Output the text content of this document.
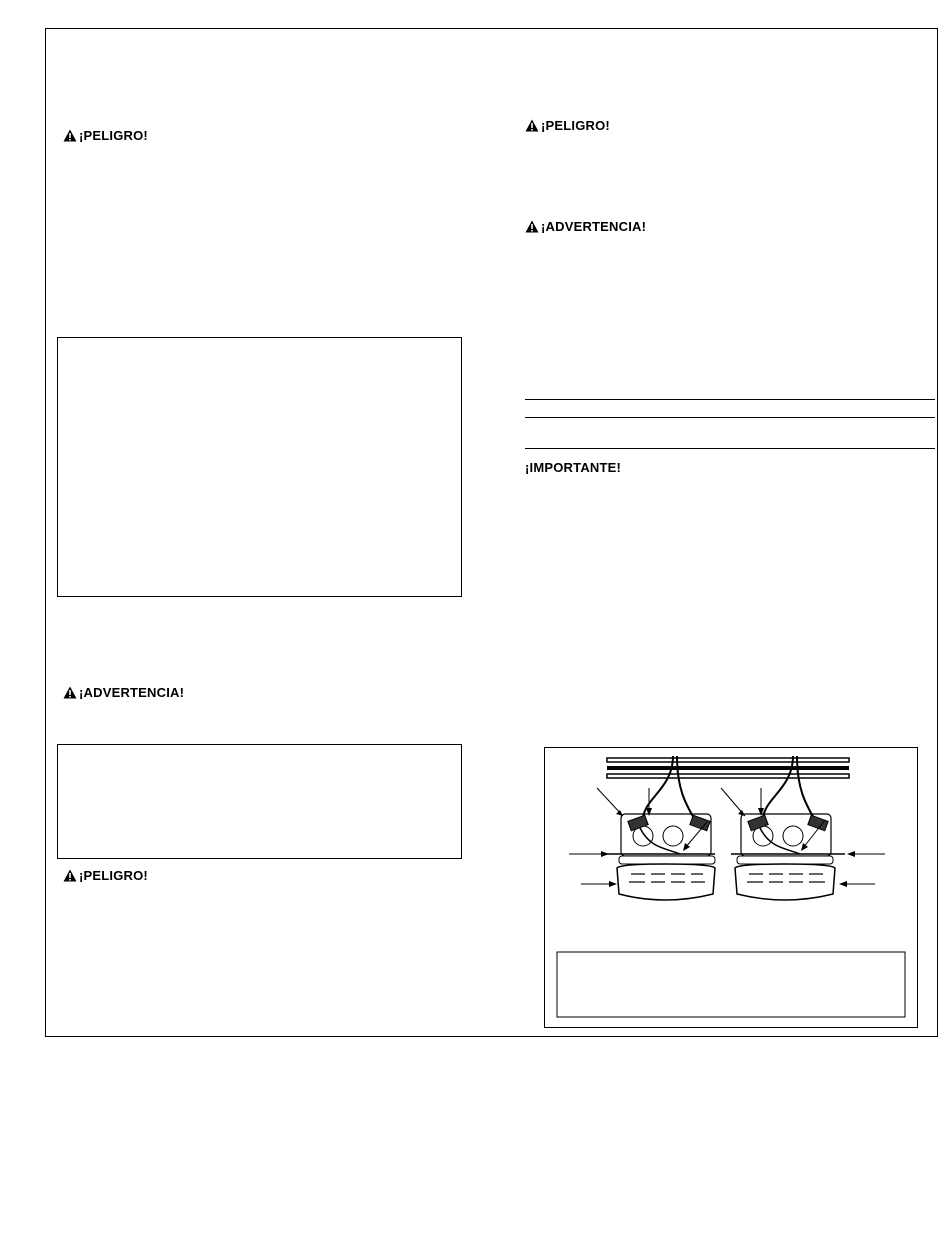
¡PELIGRO!
¡ADVERTENCIA!
¡PELIGRO!
¡PELIGRO!
¡ADVERTENCIA!
¡IMPORTANTE!
